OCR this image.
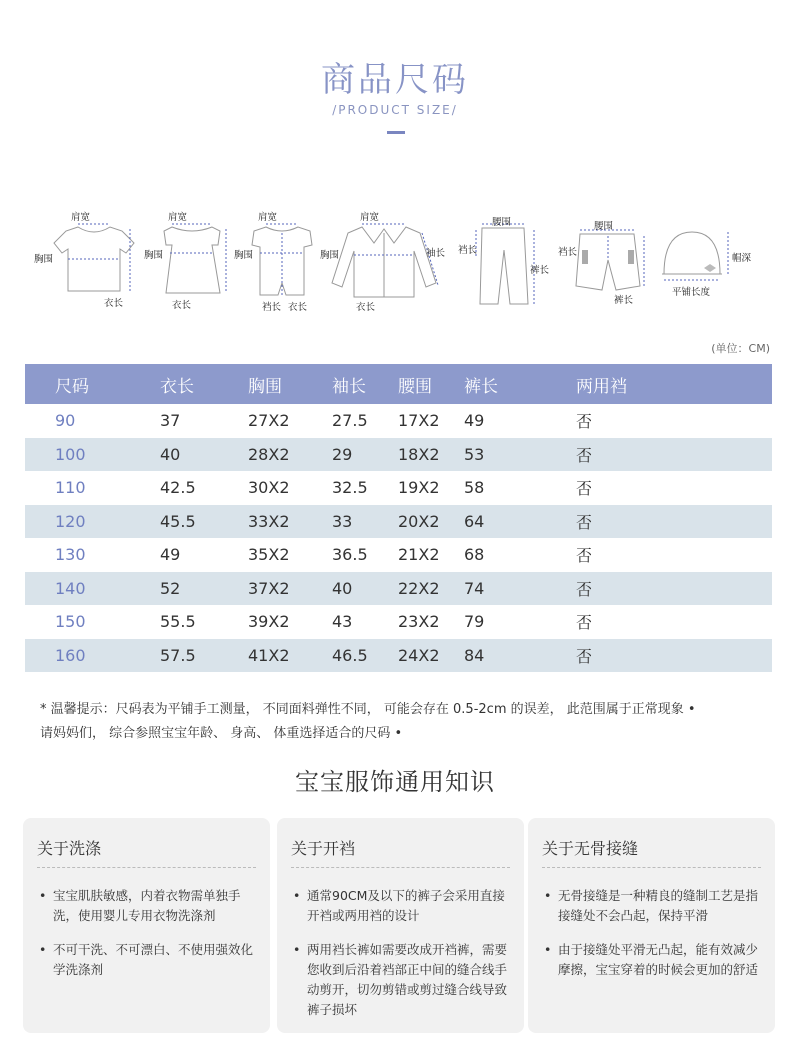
商品尺码
/PRODUCT SIZE/
肩宽
胸围
衣长
肩宽
胸围
衣长
肩宽
胸围
裆长 衣长
肩宽
胸围	袖长
衣长
腰围
裆长
裤长
腰围
裆长
裤长
帽深
平铺长度
(单位：CM)
尺码	衣长	胸围	袖长	腰围	裤长	两用裆
90	37	27X2	27.5	17X2	49	否
100	40	28X2	29	18X2	53	否
110	42.5	30X2	32.5	19X2	58	否
120	45.5	33X2	33	20X2	64	否
130	49	35X2	36.5	21X2	68	否
140	52	37X2	40	22X2	74	否
150	55.5	39X2	43	23X2	79	否
160	57.5	41X2	46.5	24X2	84	否
* 温馨提示：尺码表为平铺手工测量， 不同面料弹性不同， 可能会存在 0.5-2cm 的误差， 此范围属于正常现象 •
请妈妈们， 综合参照宝宝年龄、 身高、 体重选择适合的尺码 •
宝宝服饰通用知识
关于洗涤
• 宝宝肌肤敏感，内着衣物需单独手洗，使用婴儿专用衣物洗涤剂
• 不可干洗、不可漂白、不使用强效化学洗涤剂
关于开裆
• 通常90CM及以下的裤子会采用直接开裆或两用裆的设计
• 两用裆长裤如需要改成开裆裤，需要您收到后沿着裆部正中间的缝合线手动剪开，切勿剪错或剪过缝合线导致裤子损坏
关于无骨接缝
• 无骨接缝是一种精良的缝制工艺是指接缝处不会凸起，保持平滑
• 由于接缝处平滑无凸起，能有效减少摩擦，宝宝穿着的时候会更加的舒适
